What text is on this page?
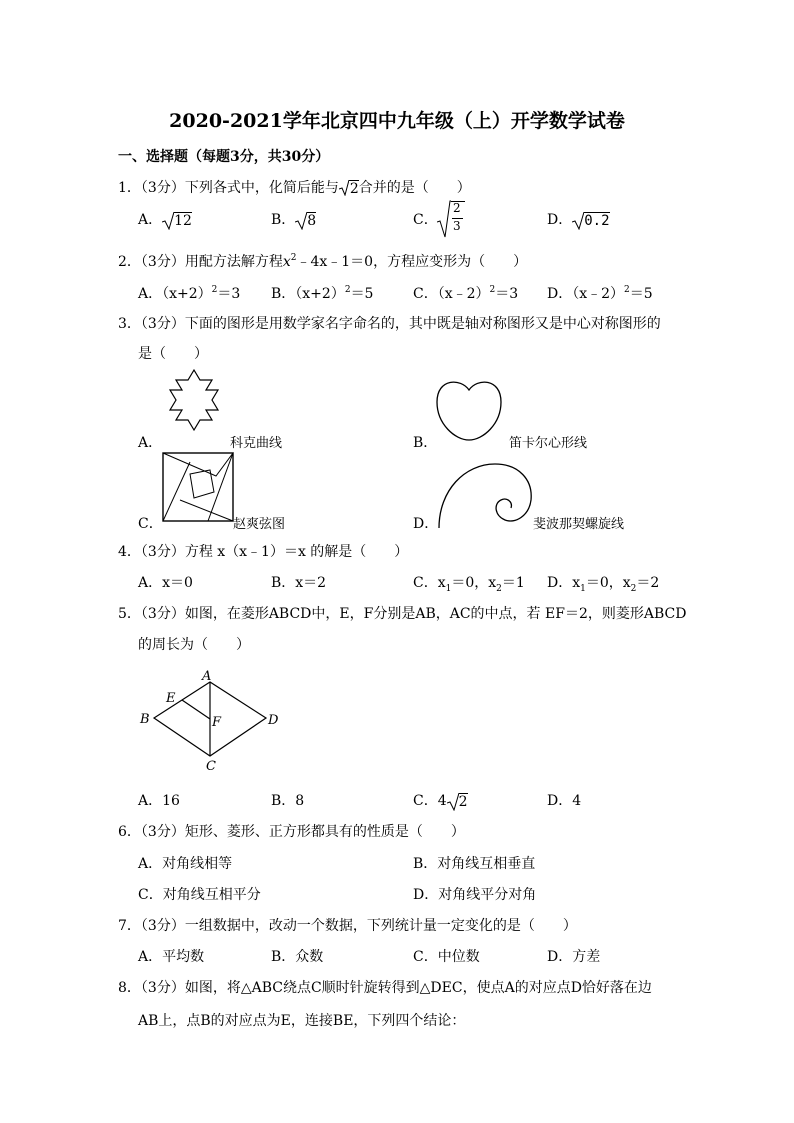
2020-2021学年北京四中九年级（上）开学数学试卷
一、选择题（每题3分，共30分）
1．（3分）下列各式中，化简后能与 2合并的是（　　）
A． 12	B． 8	C．
2
3	D． 0.2
2．（3分）用配方法解方程$x^2﹣4x﹣1=0$，方程应变形为（　　）
A．$(x+2)^2=3$ B．$(x+2)^2=5$	C．（x﹣2）$^2$＝3 D．（x﹣2）$^2$＝5
3．（3分）下面的图形是用数学家名字命名的，其中既是轴对称图形又是中心对称图形的
是（　　）
A．	科克曲线	B．	笛卡尔心形线
C．	赵爽弦图	D．	斐波那契螺旋线
4．（3分）方程 x（x﹣1）＝x 的解是（　　）
A．x＝0	B．x＝2	C．$x_1=0$，$x_2=1$ D．$x_1=0$，$x_2=2$
5．（3分）如图，在菱形ABCD中，E，F分别是AB，AC的中点，若 EF＝2，则菱形ABCD
的周长为（　　）
A
B
C
D
E
F
A．16	B．8	C．4 2	D．4
6．（3分）矩形、菱形、正方形都具有的性质是（　　）
A．对角线相等	B．对角线互相垂直
C．对角线互相平分	D．对角线平分对角
7．（3分）一组数据中，改动一个数据，下列统计量一定变化的是（　　）
A．平均数	B．众数	C．中位数	D．方差
8．（3分）如图，将△ABC绕点C顺时针旋转得到△DEC，使点A的对应点D恰好落在边
AB上，点B的对应点为E，连接BE，下列四个结论：
